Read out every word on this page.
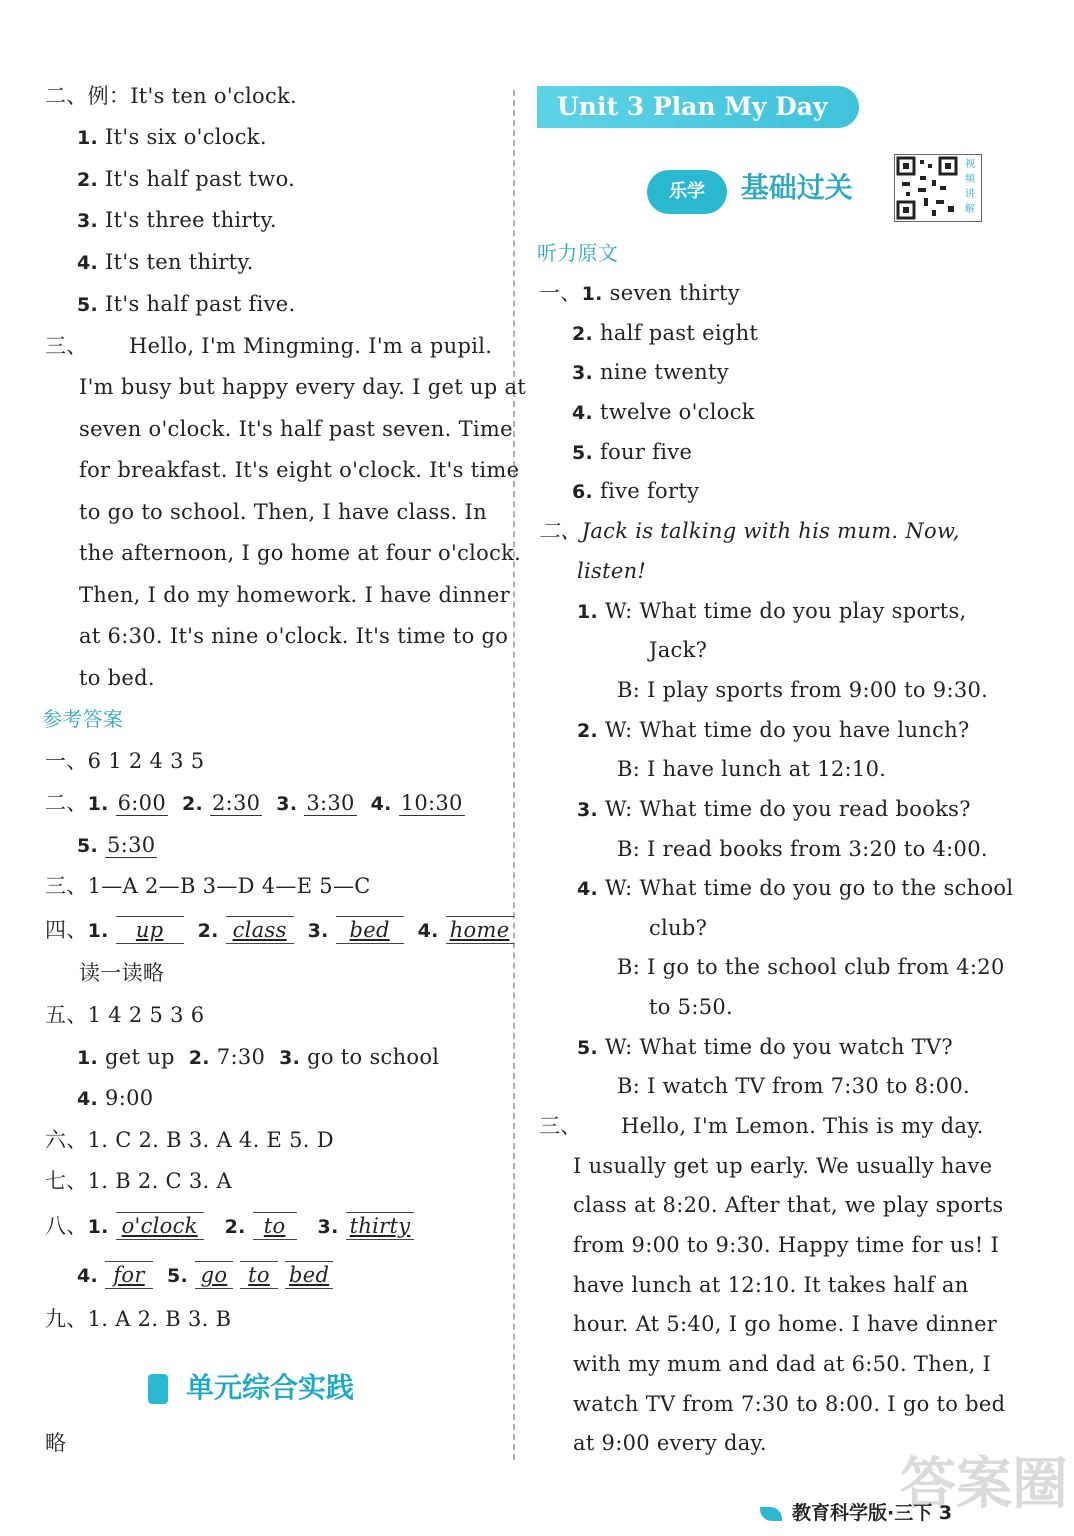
二、例：It's ten o'clock.
1. It's six o'clock.
2. It's half past two.
3. It's three thirty.
4. It's ten thirty.
5. It's half past five.
三、 Hello, I'm Mingming. I'm a pupil.
I'm busy but happy every day. I get up at
seven o'clock. It's half past seven. Time
for breakfast. It's eight o'clock. It's time
to go to school. Then, I have class. In
the afternoon, I go home at four o'clock.
Then, I do my homework. I have dinner
at 6:30. It's nine o'clock. It's time to go
to bed.
参考答案
一、6 1 2 4 3 5
二、1. 6:00 2. 2:30 3. 3:30 4. 10:30
5. 5:30
三、1—A 2—B 3—D 4—E 5—C
四、1. up 2. class 3. bed 4. home
读一读略
五、1 4 2 5 3 6
1. get up 2. 7:30 3. go to school
4. 9:00
六、1. C 2. B 3. A 4. E 5. D
七、1. B 2. C 3. A
八、1. o'clock 2. to 3. thirty
4. for 5. go to bed
九、1. A 2. B 3. B
单元综合实践
略
Unit 3 Plan My Day
乐学 基础过关
视频讲解
听力原文
一、1. seven thirty
2. half past eight
3. nine twenty
4. twelve o'clock
5. four five
6. five forty
二、Jack is talking with his mum. Now,
listen!
1. W: What time do you play sports,
Jack?
B: I play sports from 9:00 to 9:30.
2. W: What time do you have lunch?
B: I have lunch at 12:10.
3. W: What time do you read books?
B: I read books from 3:20 to 4:00.
4. W: What time do you go to the school
club?
B: I go to the school club from 4:20
to 5:50.
5. W: What time do you watch TV?
B: I watch TV from 7:30 to 8:00.
三、 Hello, I'm Lemon. This is my day.
I usually get up early. We usually have
class at 8:20. After that, we play sports
from 9:00 to 9:30. Happy time for us! I
have lunch at 12:10. It takes half an
hour. At 5:40, I go home. I have dinner
with my mum and dad at 6:50. Then, I
watch TV from 7:30 to 8:00. I go to bed
at 9:00 every day.
答案圈
教育科学版·三下 3
